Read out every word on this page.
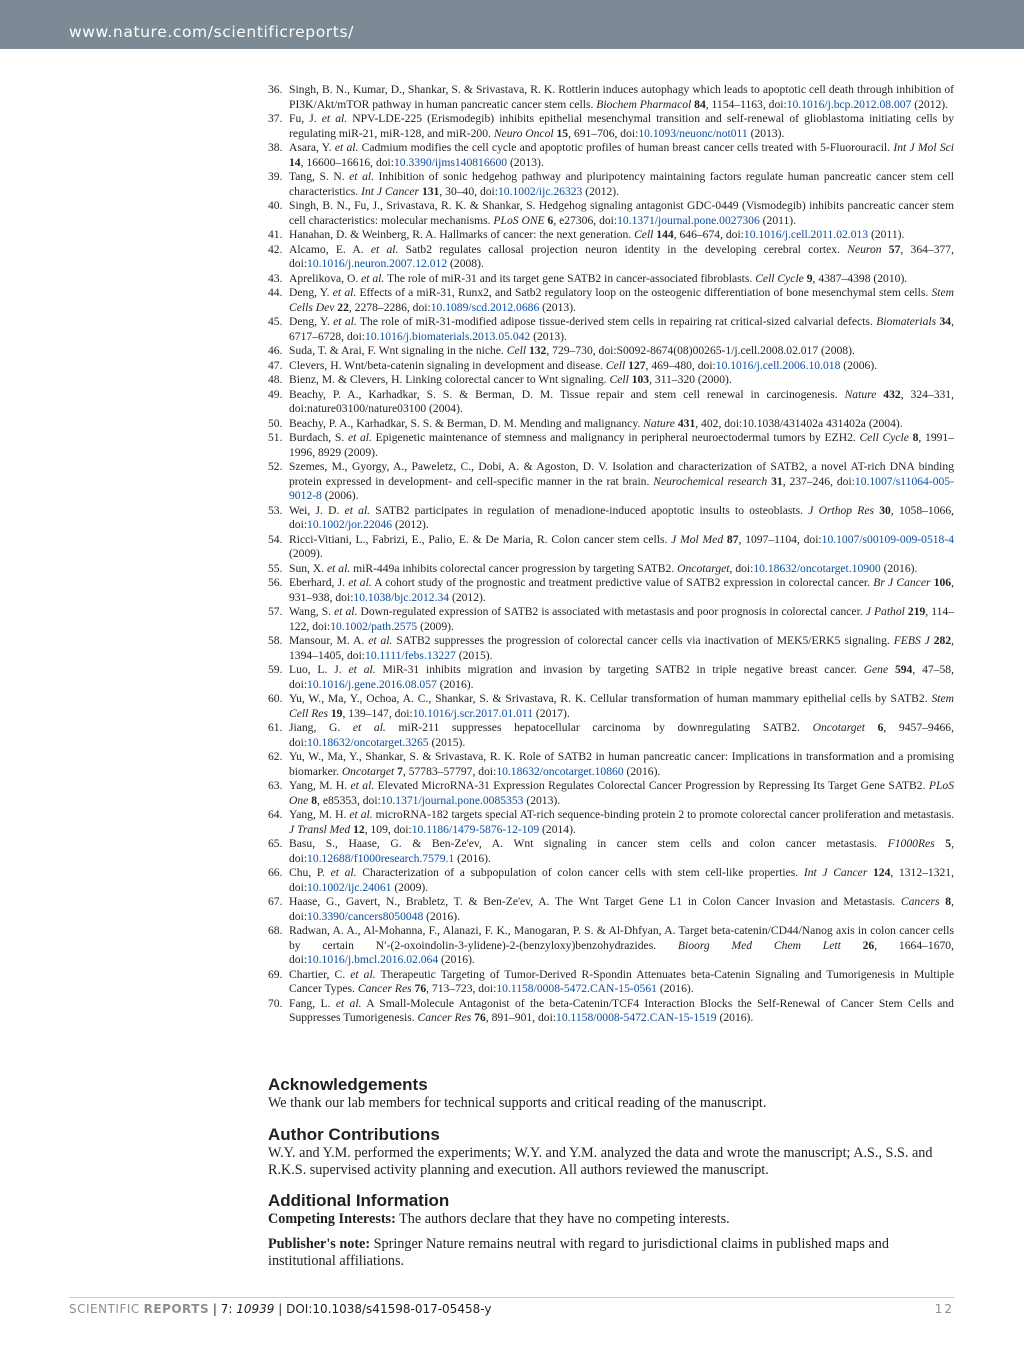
www.nature.com/scientificreports/
36. Singh, B. N., Kumar, D., Shankar, S. & Srivastava, R. K. Rottlerin induces autophagy which leads to apoptotic cell death through inhibition of PI3K/Akt/mTOR pathway in human pancreatic cancer stem cells. Biochem Pharmacol 84, 1154–1163, doi:10.1016/j.bcp.2012.08.007 (2012).
37. Fu, J. et al. NPV-LDE-225 (Erismodegib) inhibits epithelial mesenchymal transition and self-renewal of glioblastoma initiating cells by regulating miR-21, miR-128, and miR-200. Neuro Oncol 15, 691–706, doi:10.1093/neuonc/not011 (2013).
38. Asara, Y. et al. Cadmium modifies the cell cycle and apoptotic profiles of human breast cancer cells treated with 5-Fluorouracil. Int J Mol Sci 14, 16600–16616, doi:10.3390/ijms140816600 (2013).
39. Tang, S. N. et al. Inhibition of sonic hedgehog pathway and pluripotency maintaining factors regulate human pancreatic cancer stem cell characteristics. Int J Cancer 131, 30–40, doi:10.1002/ijc.26323 (2012).
40. Singh, B. N., Fu, J., Srivastava, R. K. & Shankar, S. Hedgehog signaling antagonist GDC-0449 (Vismodegib) inhibits pancreatic cancer stem cell characteristics: molecular mechanisms. PLoS ONE 6, e27306, doi:10.1371/journal.pone.0027306 (2011).
41. Hanahan, D. & Weinberg, R. A. Hallmarks of cancer: the next generation. Cell 144, 646–674, doi:10.1016/j.cell.2011.02.013 (2011).
42. Alcamo, E. A. et al. Satb2 regulates callosal projection neuron identity in the developing cerebral cortex. Neuron 57, 364–377, doi:10.1016/j.neuron.2007.12.012 (2008).
43. Aprelikova, O. et al. The role of miR-31 and its target gene SATB2 in cancer-associated fibroblasts. Cell Cycle 9, 4387–4398 (2010).
44. Deng, Y. et al. Effects of a miR-31, Runx2, and Satb2 regulatory loop on the osteogenic differentiation of bone mesenchymal stem cells. Stem Cells Dev 22, 2278–2286, doi:10.1089/scd.2012.0686 (2013).
45. Deng, Y. et al. The role of miR-31-modified adipose tissue-derived stem cells in repairing rat critical-sized calvarial defects. Biomaterials 34, 6717–6728, doi:10.1016/j.biomaterials.2013.05.042 (2013).
46. Suda, T. & Arai, F. Wnt signaling in the niche. Cell 132, 729–730, doi:S0092-8674(08)00265-1/j.cell.2008.02.017 (2008).
47. Clevers, H. Wnt/beta-catenin signaling in development and disease. Cell 127, 469–480, doi:10.1016/j.cell.2006.10.018 (2006).
48. Bienz, M. & Clevers, H. Linking colorectal cancer to Wnt signaling. Cell 103, 311–320 (2000).
49. Beachy, P. A., Karhadkar, S. S. & Berman, D. M. Tissue repair and stem cell renewal in carcinogenesis. Nature 432, 324–331, doi:nature03100/nature03100 (2004).
50. Beachy, P. A., Karhadkar, S. S. & Berman, D. M. Mending and malignancy. Nature 431, 402, doi:10.1038/431402a 431402a (2004).
51. Burdach, S. et al. Epigenetic maintenance of stemness and malignancy in peripheral neuroectodermal tumors by EZH2. Cell Cycle 8, 1991–1996, 8929 (2009).
52. Szemes, M., Gyorgy, A., Paweletz, C., Dobi, A. & Agoston, D. V. Isolation and characterization of SATB2, a novel AT-rich DNA binding protein expressed in development- and cell-specific manner in the rat brain. Neurochemical research 31, 237–246, doi:10.1007/s11064-005-9012-8 (2006).
53. Wei, J. D. et al. SATB2 participates in regulation of menadione-induced apoptotic insults to osteoblasts. J Orthop Res 30, 1058–1066, doi:10.1002/jor.22046 (2012).
54. Ricci-Vitiani, L., Fabrizi, E., Palio, E. & De Maria, R. Colon cancer stem cells. J Mol Med 87, 1097–1104, doi:10.1007/s00109-009-0518-4 (2009).
55. Sun, X. et al. miR-449a inhibits colorectal cancer progression by targeting SATB2. Oncotarget, doi:10.18632/oncotarget.10900 (2016).
56. Eberhard, J. et al. A cohort study of the prognostic and treatment predictive value of SATB2 expression in colorectal cancer. Br J Cancer 106, 931–938, doi:10.1038/bjc.2012.34 (2012).
57. Wang, S. et al. Down-regulated expression of SATB2 is associated with metastasis and poor prognosis in colorectal cancer. J Pathol 219, 114–122, doi:10.1002/path.2575 (2009).
58. Mansour, M. A. et al. SATB2 suppresses the progression of colorectal cancer cells via inactivation of MEK5/ERK5 signaling. FEBS J 282, 1394–1405, doi:10.1111/febs.13227 (2015).
59. Luo, L. J. et al. MiR-31 inhibits migration and invasion by targeting SATB2 in triple negative breast cancer. Gene 594, 47–58, doi:10.1016/j.gene.2016.08.057 (2016).
60. Yu, W., Ma, Y., Ochoa, A. C., Shankar, S. & Srivastava, R. K. Cellular transformation of human mammary epithelial cells by SATB2. Stem Cell Res 19, 139–147, doi:10.1016/j.scr.2017.01.011 (2017).
61. Jiang, G. et al. miR-211 suppresses hepatocellular carcinoma by downregulating SATB2. Oncotarget 6, 9457–9466, doi:10.18632/oncotarget.3265 (2015).
62. Yu, W., Ma, Y., Shankar, S. & Srivastava, R. K. Role of SATB2 in human pancreatic cancer: Implications in transformation and a promising biomarker. Oncotarget 7, 57783–57797, doi:10.18632/oncotarget.10860 (2016).
63. Yang, M. H. et al. Elevated MicroRNA-31 Expression Regulates Colorectal Cancer Progression by Repressing Its Target Gene SATB2. PLoS One 8, e85353, doi:10.1371/journal.pone.0085353 (2013).
64. Yang, M. H. et al. microRNA-182 targets special AT-rich sequence-binding protein 2 to promote colorectal cancer proliferation and metastasis. J Transl Med 12, 109, doi:10.1186/1479-5876-12-109 (2014).
65. Basu, S., Haase, G. & Ben-Ze'ev, A. Wnt signaling in cancer stem cells and colon cancer metastasis. F1000Res 5, doi:10.12688/f1000research.7579.1 (2016).
66. Chu, P. et al. Characterization of a subpopulation of colon cancer cells with stem cell-like properties. Int J Cancer 124, 1312–1321, doi:10.1002/ijc.24061 (2009).
67. Haase, G., Gavert, N., Brabletz, T. & Ben-Ze'ev, A. The Wnt Target Gene L1 in Colon Cancer Invasion and Metastasis. Cancers 8, doi:10.3390/cancers8050048 (2016).
68. Radwan, A. A., Al-Mohanna, F., Alanazi, F. K., Manogaran, P. S. & Al-Dhfyan, A. Target beta-catenin/CD44/Nanog axis in colon cancer cells by certain N′-(2-oxoindolin-3-ylidene)-2-(benzyloxy)benzohydrazides. Bioorg Med Chem Lett 26, 1664–1670, doi:10.1016/j.bmcl.2016.02.064 (2016).
69. Chartier, C. et al. Therapeutic Targeting of Tumor-Derived R-Spondin Attenuates beta-Catenin Signaling and Tumorigenesis in Multiple Cancer Types. Cancer Res 76, 713–723, doi:10.1158/0008-5472.CAN-15-0561 (2016).
70. Fang, L. et al. A Small-Molecule Antagonist of the beta-Catenin/TCF4 Interaction Blocks the Self-Renewal of Cancer Stem Cells and Suppresses Tumorigenesis. Cancer Res 76, 891–901, doi:10.1158/0008-5472.CAN-15-1519 (2016).
Acknowledgements

We thank our lab members for technical supports and critical reading of the manuscript.

Author Contributions

W.Y. and Y.M. performed the experiments; W.Y. and Y.M. analyzed the data and wrote the manuscript; A.S., S.S. and R.K.S. supervised activity planning and execution. All authors reviewed the manuscript.

Additional Information

Competing Interests: The authors declare that they have no competing interests.

Publisher's note: Springer Nature remains neutral with regard to jurisdictional claims in published maps and institutional affiliations.

SCIENTIFIC REPORTS | 7: 10939 | DOI:10.1038/s41598-017-05458-y	12
